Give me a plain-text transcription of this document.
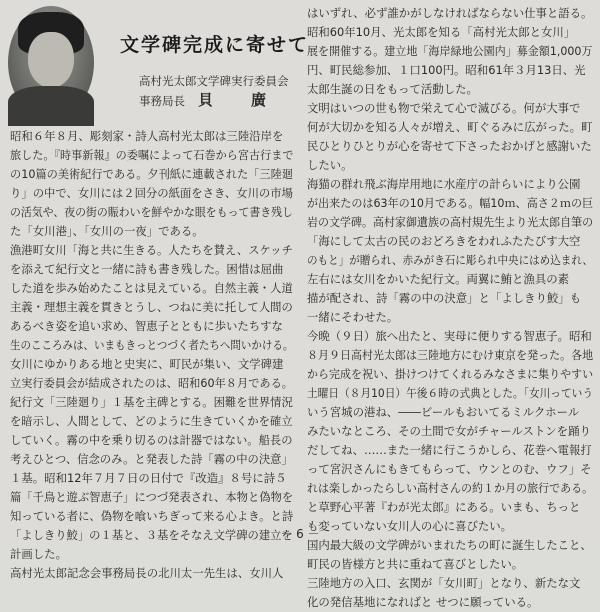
文学碑完成に寄せて
高村光太郎文学碑実行委員会
事務局長 貝廣
昭和６年８月、彫刻家・詩人高村光太郎は三陸沿岸を
旅した。『時事新報』の委嘱によって石巻から宮古行まで
の10篇の美術紀行である。夕刊紙に連載された「三陸廻
り」の中で、女川には２回分の紙面をさき、女川の市場
の活気や、夜の街の賑わいを鮮やかな眼をもって書き残し
た「女川港」、「女川の一夜」である。
漁港町女川「海と共に生きる。人たちを賛え、スケッチ
を添えて紀行文と一緒に詩も書き残した。困惜は屈曲
した道を歩み始めたことは見えている。自然主義・人道
主義・理想主義を貫きとうし、つねに美に托して人間の
あるべき姿を追い求め、智恵子とともに歩いたちすな
生のこころみは、いまもきっとつづく者たちへ問いかける。
女川にゆかりある地と史実に、町民が集い、文学碑建
立実行委員会が結成されたのは、昭和60年８月である。
紀行文「三陸廻り」１基を主碑とする。困難を世界情況
を暗示し、人間として、どのように生きていくかを確立
していく。霧の中を乗り切るのは計器ではない。船長の
考えひとつ、信念のみ。と発表した詩「霧の中の決意」
１基。昭和12年７月７日の日付で『改造』８号に詩５
篇「千鳥と遊ぶ智恵子」につづ発表され、本物と偽物を
知っている者に、偽物を喰いちぎって来る心よき。と詩
「よしきり鮫」の１基と、３基をそなえ文学碑の建立を
計画した。
高村光太郎記念会事務局長の北川太一先生は、女川人
はいずれ、必ず誰かがしなければならない仕事と語る。
昭和60年10月、光太郎を知る「高村光太郎と女川」
展を開催する。建立地「海岸緑地公園内」募金額1,000万
円、町民総参加、１口100円。昭和61年３月13日、光
太郎生誕の日をもって活動した。
文明はいつの世も物で栄えて心で滅びる。何が大事で
何が大切かを知る人々が増え、町ぐるみに広がった。町
民ひとりひとりが心を寄せて下さったおかげと感謝いた
したい。
海猫の群れ飛ぶ海岸用地に水産庁の計らいにより公園
が出来たのは63年の10月である。幅10ｍ、高さ２ｍの巨
岩の文学碑。高村家御遺族の高村規先生より光太郎自筆の
「海にして太古の民のおどろきをわれふたたびす大空
のもと」が贈られ、赤みがき石に彫られ中央にはめ込まれ、
左右には女川をかいた紀行文。両翼に鮪と漁具の素
描が配され、詩「霧の中の決意」と「よしきり鮫」も
一緒にそわせた。
今晩（９日）旅へ出たと、実母に便りする智恵子。昭和
８月９日高村光太郎は三陸地方にむけ東京を発った。各地
から完成を祝い、掛けつけてくれるみなさまに集りやすい
土曜日（８月10日）午後６時の式典とした。「女川っていう
いう宮城の港ね、――ビールもおいてるミルクホール
みたいなところ、その土間で女がチャールストンを踊り
だしてね、……また一緒に行こうかしら、花巻へ電報打
って宮沢さんにもきてもらって、ウンとのむ、ウフ」そ
れは楽しかったらしい高村さんの約１か月の旅行である。
と草野心平著『わが光太郎』にある。いまも、ちっと
も変っていない女川人の心に喜びたい。
国内最大級の文学碑がいまれたちの町に誕生したこと、
町民の皆様方と共に重ねて喜びとしたい。
三陸地方の入口、玄関が「女川町」となり、新たな文
化の発信基地になればと せつに願っている。
－ 6 －
